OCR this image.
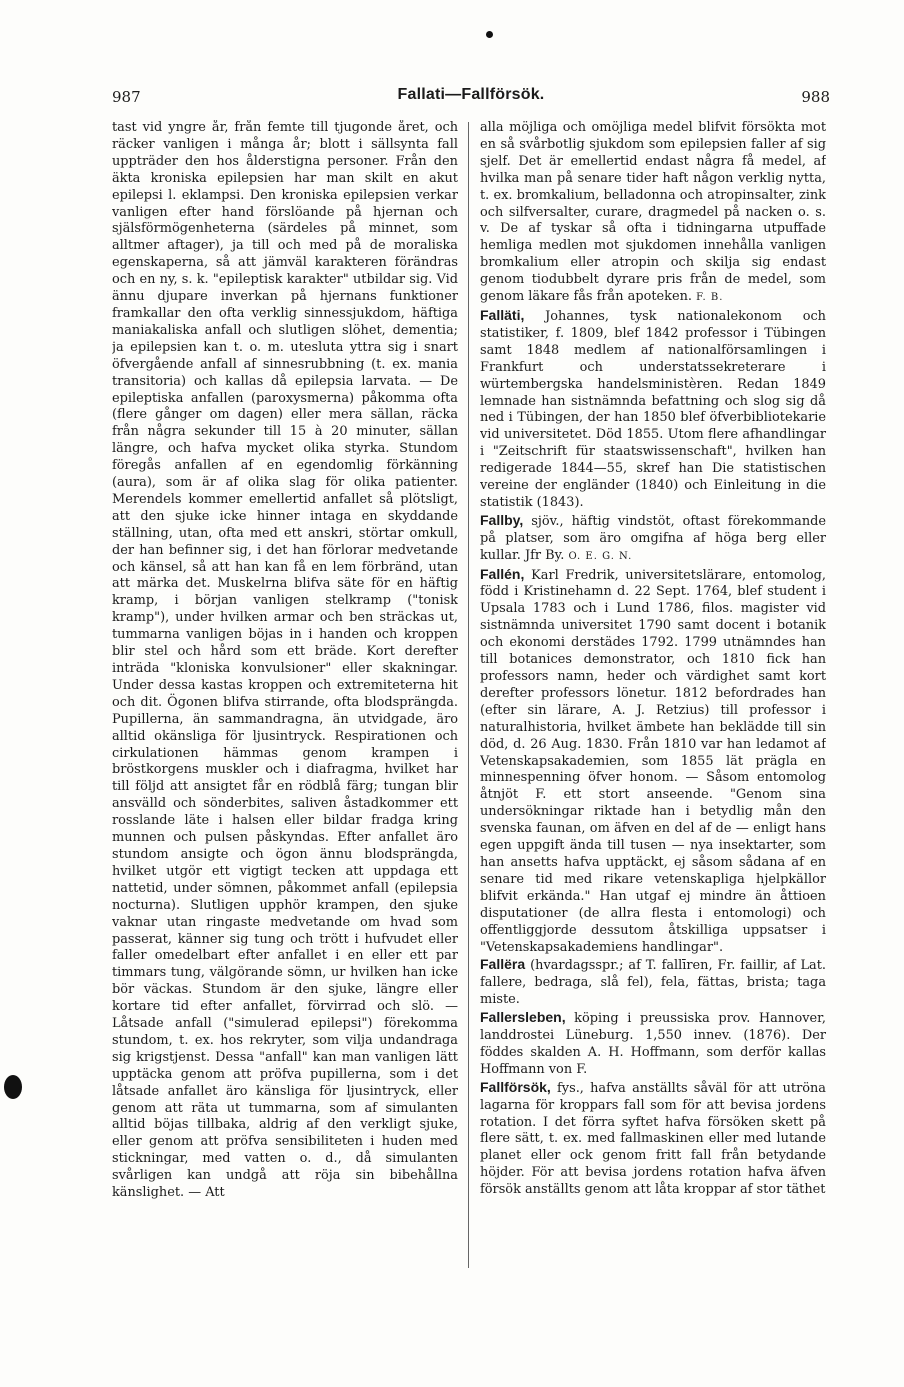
987	Fallati—Fallförsök.	988

tast vid yngre år, från femte till tjugonde året, och räcker vanligen i många år; blott i sällsynta fall uppträder den hos ålderstigna personer. Från den äkta kroniska epilepsien har man skilt en akut epilepsi l. eklampsi. Den kroniska epilepsien verkar vanligen efter hand förslöande på hjernan och själsförmögenheterna (särdeles på minnet, som alltmer aftager), ja till och med på de moraliska egenskaperna, så att jämväl karakteren förändras och en ny, s. k. "epileptisk karakter" utbildar sig. Vid ännu djupare inverkan på hjernans funktioner framkallar den ofta verklig sinnessjukdom, häftiga maniakaliska anfall och slutligen slöhet, dementia; ja epilepsien kan t. o. m. utesluta yttra sig i snart öfvergående anfall af sinnesrubbning (t. ex. mania transitoria) och kallas då epilepsia larvata. — De epileptiska anfallen (paroxysmerna) påkomma ofta (flere gånger om dagen) eller mera sällan, räcka från några sekunder till 15 à 20 minuter, sällan längre, och hafva mycket olika styrka. Stundom föregås anfallen af en egendomlig förkänning (aura), som är af olika slag för olika patienter. Merendels kommer emellertid anfallet så plötsligt, att den sjuke icke hinner intaga en skyddande ställning, utan, ofta med ett anskri, störtar omkull, der han befinner sig, i det han förlorar medvetande och känsel, så att han kan få en lem förbränd, utan att märka det. Muskelrna blifva säte för en häftig kramp, i början vanligen stelkramp ("tonisk kramp"), under hvilken armar och ben sträckas ut, tummarna vanligen böjas in i handen och kroppen blir stel och hård som ett bräde. Kort derefter inträda "kloniska konvulsioner" eller skakningar. Under dessa kastas kroppen och extremiteterna hit och dit. Ögonen blifva stirrande, ofta blodsprängda. Pupillerna, än sammandragna, än utvidgade, äro alltid okänsliga för ljusintryck. Respirationen och cirkulationen hämmas genom krampen i bröstkorgens muskler och i diafragma, hvilket har till följd att ansigtet får en rödblå färg; tungan blir ansvälld och sönderbites, saliven åstadkommer ett rosslande läte i halsen eller bildar fradga kring munnen och pulsen påskyndas. Efter anfallet äro stundom ansigte och ögon ännu blodsprängda, hvilket utgör ett vigtigt tecken att uppdaga ett nattetid, under sömnen, påkommet anfall (epilepsia nocturna). Slutligen upphör krampen, den sjuke vaknar utan ringaste medvetande om hvad som passerat, känner sig tung och trött i hufvudet eller faller omedelbart efter anfallet i en eller ett par timmars tung, välgörande sömn, ur hvilken han icke bör väckas. Stundom är den sjuke, längre eller kortare tid efter anfallet, förvirrad och slö. — Låtsade anfall ("simulerad epilepsi") förekomma stundom, t. ex. hos rekryter, som vilja undandraga sig krigstjenst. Dessa "anfall" kan man vanligen lätt upptäcka genom att pröfva pupillerna, som i det låtsade anfallet äro känsliga för ljusintryck, eller genom att räta ut tummarna, som af simulanten alltid böjas tillbaka, aldrig af den verkligt sjuke, eller genom att pröfva sensibiliteten i huden med stickningar, med vatten o. d., då simulanten svårligen kan undgå att röja sin bibehållna känslighet. — Att

alla möjliga och omöjliga medel blifvit försökta mot en så svårbotlig sjukdom som epilepsien faller af sig sjelf. Det är emellertid endast några få medel, af hvilka man på senare tider haft någon verklig nytta, t. ex. bromkalium, belladonna och atropinsalter, zink och silfversalter, curare, dragmedel på nacken o. s. v. De af tyskar så ofta i tidningarna utpuffade hemliga medlen mot sjukdomen innehålla vanligen bromkalium eller atropin och skilja sig endast genom tiodubbelt dyrare pris från de medel, som genom läkare fås från apoteken. F. B.

Falläti, Johannes, tysk nationalekonom och statistiker, f. 1809, blef 1842 professor i Tübingen samt 1848 medlem af nationalförsamlingen i Frankfurt och understatssekreterare i würtembergska handelsministèren. Redan 1849 lemnade han sistnämnda befattning och slog sig då ned i Tübingen, der han 1850 blef öfverbibliotekarie vid universitetet. Död 1855. Utom flere afhandlingar i "Zeitschrift für staatswissenschaft", hvilken han redigerade 1844—55, skref han Die statistischen vereine der engländer (1840) och Einleitung in die statistik (1843).

Fallby, sjöv., häftig vindstöt, oftast förekommande på platser, som äro omgifna af höga berg eller kullar. Jfr By. O. E. G. N.

Fallén, Karl Fredrik, universitetslärare, entomolog, född i Kristinehamn d. 22 Sept. 1764, blef student i Upsala 1783 och i Lund 1786, filos. magister vid sistnämnda universitet 1790 samt docent i botanik och ekonomi derstädes 1792. 1799 utnämndes han till botanices demonstrator, och 1810 fick han professors namn, heder och värdighet samt kort derefter professors lönetur. 1812 befordrades han (efter sin lärare, A. J. Retzius) till professor i naturalhistoria, hvilket ämbete han beklädde till sin död, d. 26 Aug. 1830. Från 1810 var han ledamot af Vetenskapsakademien, som 1855 lät prägla en minnespenning öfver honom. — Såsom entomolog åtnjöt F. ett stort anseende. "Genom sina undersökningar riktade han i betydlig mån den svenska faunan, om äfven en del af de — enligt hans egen uppgift ända till tusen — nya insektarter, som han ansetts hafva upptäckt, ej såsom sådana af en senare tid med rikare vetenskapliga hjelpkällor blifvit erkända." Han utgaf ej mindre än åttioen disputationer (de allra flesta i entomologi) och offentliggjorde dessutom åtskilliga uppsatser i "Vetenskapsakademiens handlingar".

Fallëra (hvardagsspr.; af T. fallīren, Fr. faillir, af Lat. fallere, bedraga, slå fel), fela, fättas, brista; taga miste.

Fallersleben, köping i preussiska prov. Hannover, landdrostei Lüneburg. 1,550 innev. (1876). Der föddes skalden A. H. Hoffmann, som derför kallas Hoffmann von F.

Fallförsök, fys., hafva anställts såväl för att utröna lagarna för kroppars fall som för att bevisa jordens rotation. I det förra syftet hafva försöken skett på flere sätt, t. ex. med fallmaskinen eller med lutande planet eller ock genom fritt fall från betydande höjder. För att bevisa jordens rotation hafva äfven försök anställts genom att låta kroppar af stor täthet
